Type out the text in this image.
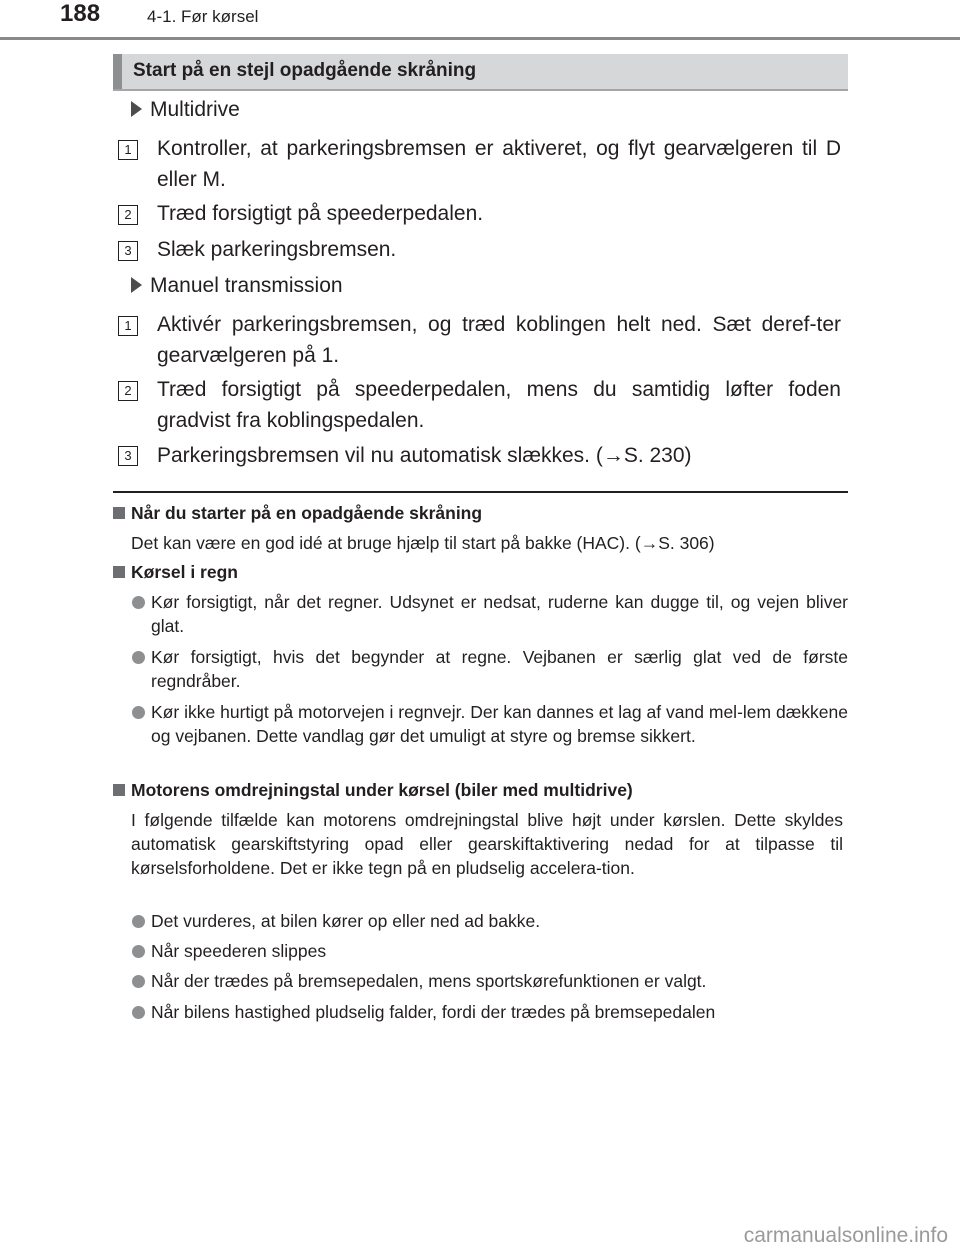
188	4-1. Før kørsel
Start på en stejl opadgående skråning
Multidrive
1	Kontroller, at parkeringsbremsen er aktiveret, og flyt gearvælgeren til D eller M.
2	Træd forsigtigt på speederpedalen.
3	Slæk parkeringsbremsen.
Manuel transmission
1	Aktivér parkeringsbremsen, og træd koblingen helt ned. Sæt deref-ter gearvælgeren på 1.
2	Træd forsigtigt på speederpedalen, mens du samtidig løfter foden gradvist fra koblingspedalen.
3	Parkeringsbremsen vil nu automatisk slækkes. (→S. 230)
Når du starter på en opadgående skråning
Det kan være en god idé at bruge hjælp til start på bakke (HAC). (→S. 306)
Kørsel i regn
Kør forsigtigt, når det regner. Udsynet er nedsat, ruderne kan dugge til, og vejen bliver glat.
Kør forsigtigt, hvis det begynder at regne. Vejbanen er særlig glat ved de første regndråber.
Kør ikke hurtigt på motorvejen i regnvejr. Der kan dannes et lag af vand mel-lem dækkene og vejbanen. Dette vandlag gør det umuligt at styre og bremse sikkert.
Motorens omdrejningstal under kørsel (biler med multidrive)
I følgende tilfælde kan motorens omdrejningstal blive højt under kørslen. Dette skyldes automatisk gearskiftstyring opad eller gearskiftaktivering nedad for at tilpasse til kørselsforholdene. Det er ikke tegn på en pludselig accelera-tion.
Det vurderes, at bilen kører op eller ned ad bakke.
Når speederen slippes
Når der trædes på bremsepedalen, mens sportskørefunktionen er valgt.
Når bilens hastighed pludselig falder, fordi der trædes på bremsepedalen
carmanualsonline.info
